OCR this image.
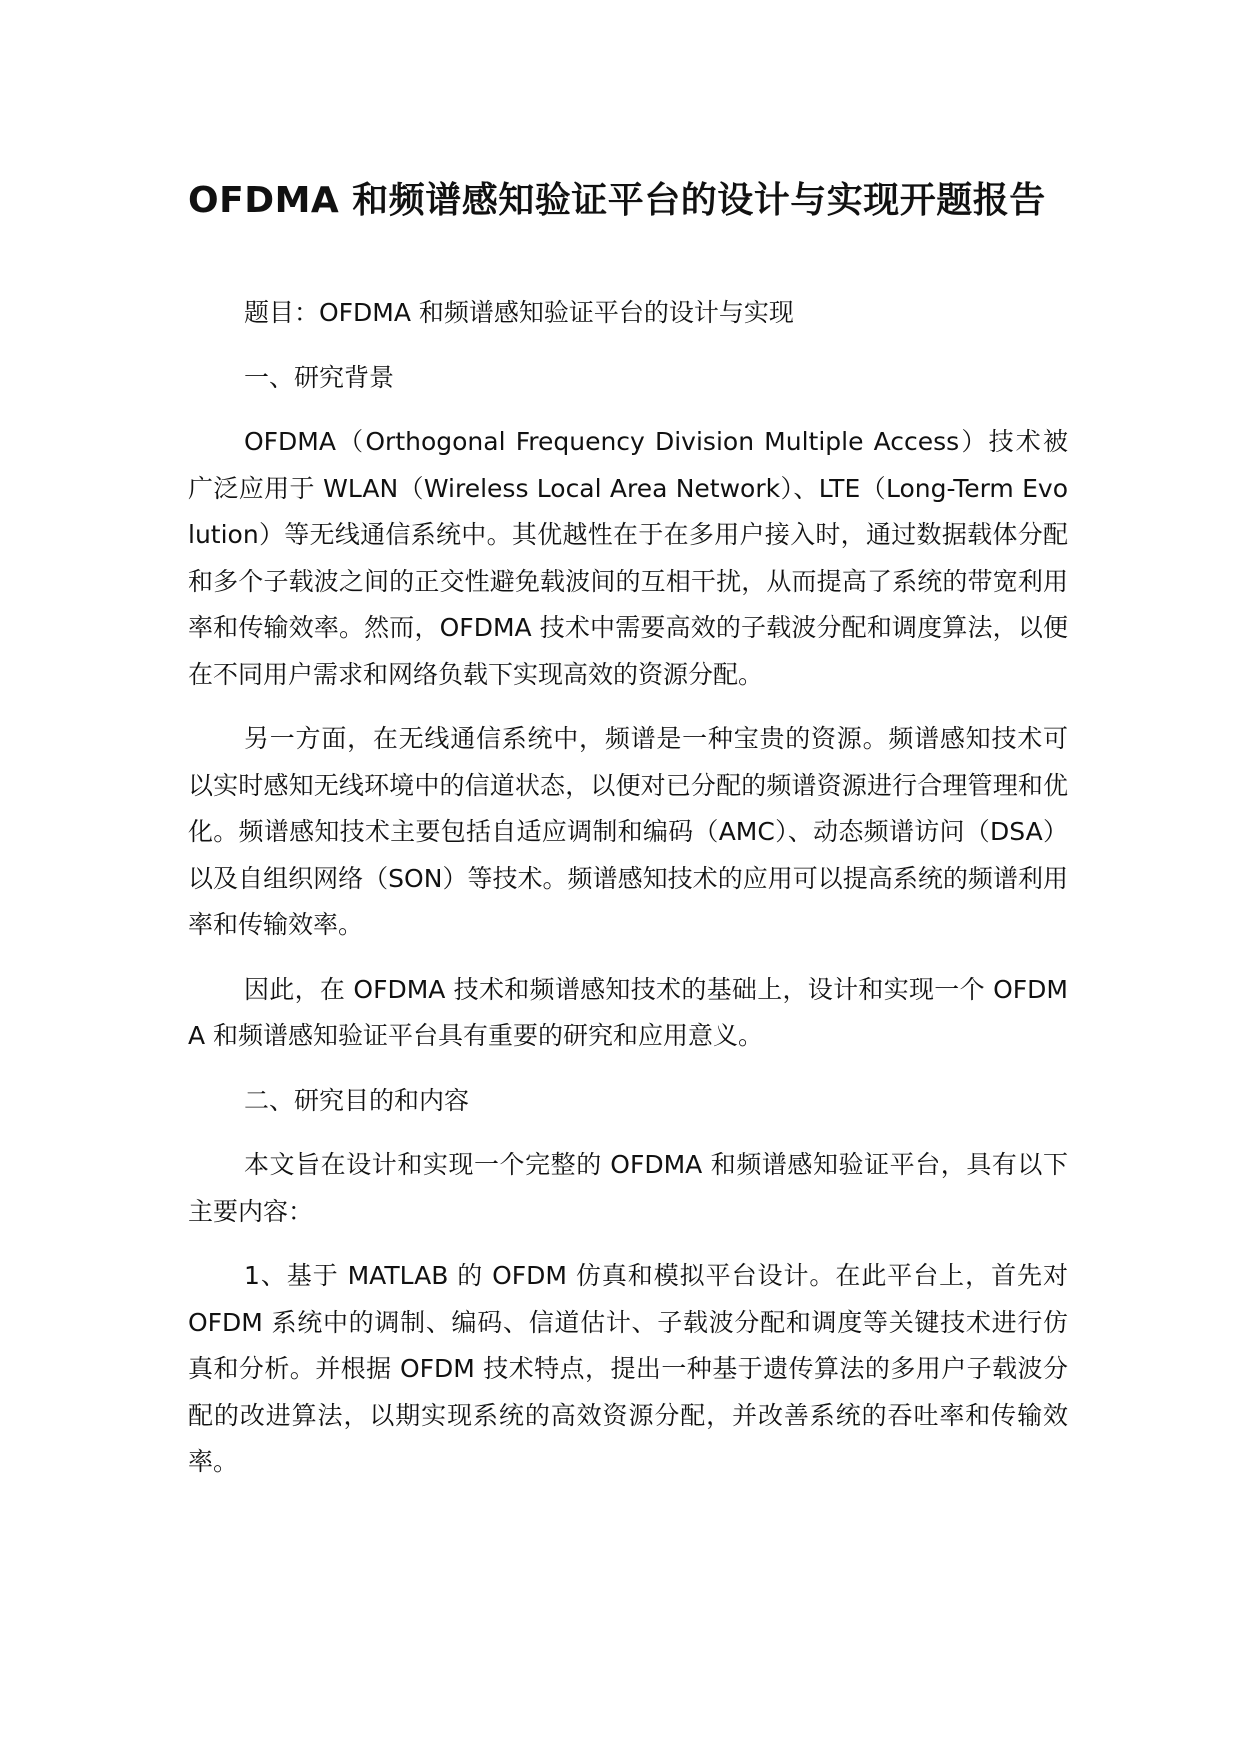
OFDMA 和频谱感知验证平台的设计与实现开题报告

题目：OFDMA 和频谱感知验证平台的设计与实现

一、研究背景

OFDMA（Orthogonal Frequency Division Multiple Access）技术被广泛应用于 WLAN（Wireless Local Area Network）、LTE（Long-Term Evolution）等无线通信系统中。其优越性在于在多用户接入时，通过数据载体分配和多个子载波之间的正交性避免载波间的互相干扰，从而提高了系统的带宽利用率和传输效率。然而，OFDMA 技术中需要高效的子载波分配和调度算法，以便在不同用户需求和网络负载下实现高效的资源分配。

另一方面，在无线通信系统中，频谱是一种宝贵的资源。频谱感知技术可以实时感知无线环境中的信道状态，以便对已分配的频谱资源进行合理管理和优化。频谱感知技术主要包括自适应调制和编码（AMC）、动态频谱访问（DSA）以及自组织网络（SON）等技术。频谱感知技术的应用可以提高系统的频谱利用率和传输效率。

因此，在 OFDMA 技术和频谱感知技术的基础上，设计和实现一个 OFDMA 和频谱感知验证平台具有重要的研究和应用意义。

二、研究目的和内容

本文旨在设计和实现一个完整的 OFDMA 和频谱感知验证平台，具有以下主要内容：

1、基于 MATLAB 的 OFDM 仿真和模拟平台设计。在此平台上，首先对 OFDM 系统中的调制、编码、信道估计、子载波分配和调度等关键技术进行仿真和分析。并根据 OFDM 技术特点，提出一种基于遗传算法的多用户子载波分配的改进算法，以期实现系统的高效资源分配，并改善系统的吞吐率和传输效率。
